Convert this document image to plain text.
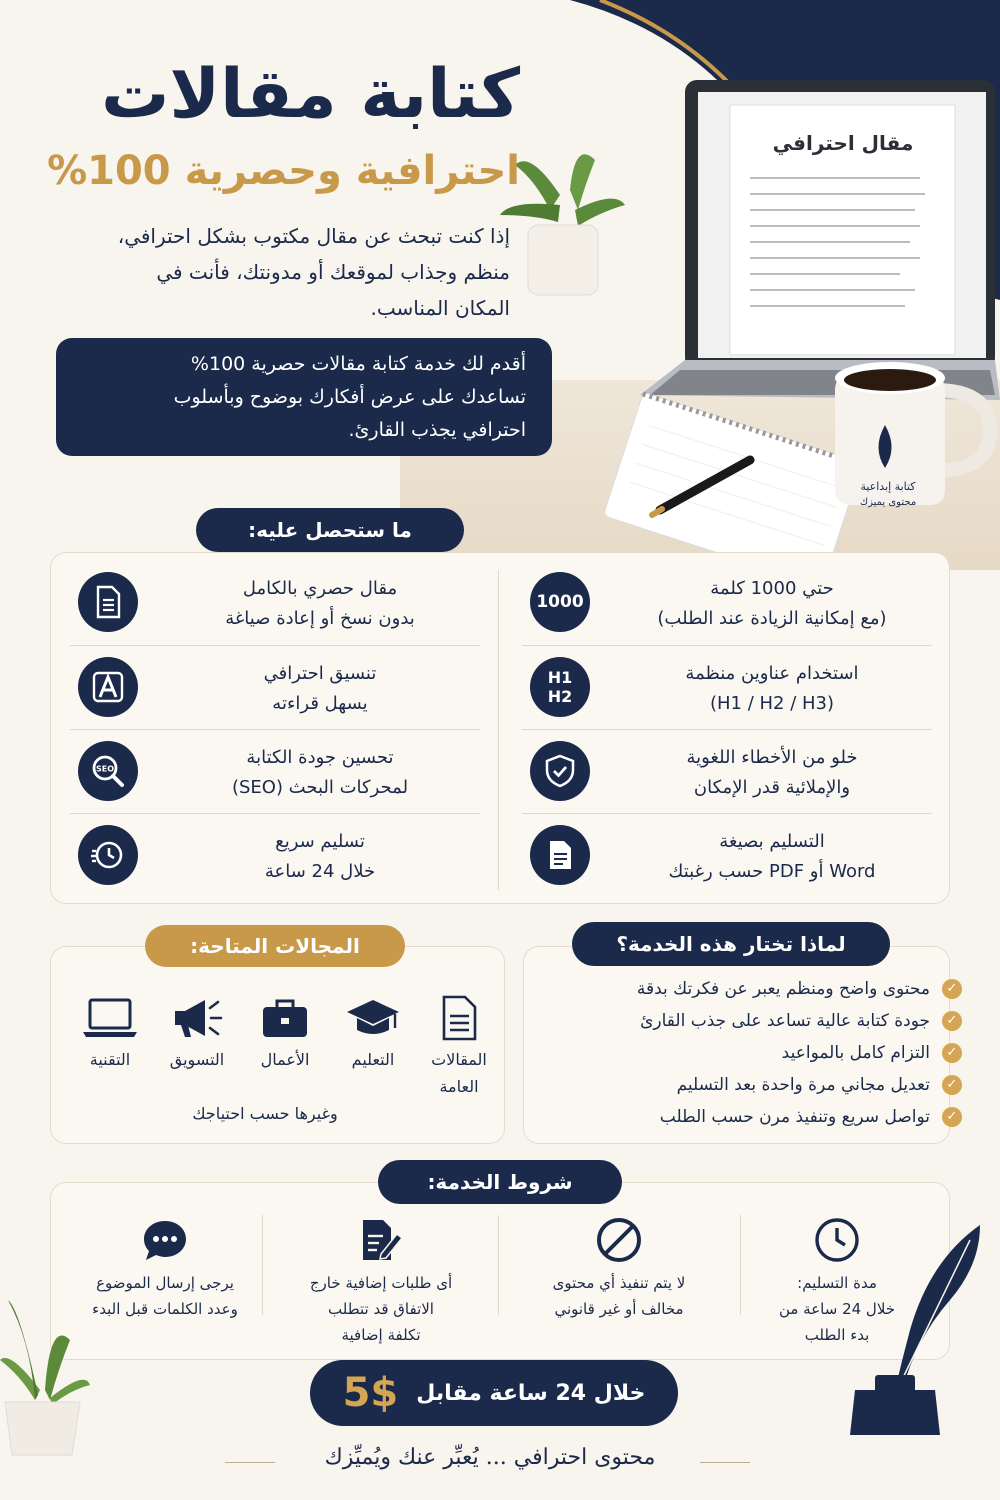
مقال احترافي
كتابة إبداعية
محتوى يميزك
كتابة مقالات
احترافية وحصرية 100%
إذا كنت تبحث عن مقال مكتوب بشكل احترافي،
منظم وجذاب لموقعك أو مدونتك، فأنت في
المكان المناسب.
أقدم لك خدمة كتابة مقالات حصرية 100%
تساعدك على عرض أفكارك بوضوح وبأسلوب
احترافي يجذب القارئ.
ما ستحصل عليه:
حتي 1000 كلمة
(مع إمكانية الزيادة عند الطلب)
1000
استخدام عناوين منظمة
(H1 / H2 / H3)
H1
H2
خلو من الأخطاء اللغوية
والإملائية قدر الإمكان
التسليم بصيغة
Word أو PDF حسب رغبتك
مقال حصري بالكامل
بدون نسخ أو إعادة صياغة
تنسيق احترافي
يسهل قراءته
تحسين جودة الكتابة
لمحركات البحث (SEO)
SEO
تسليم سريع
خلال 24 ساعة
لماذا تختار هذه الخدمة؟
✓
محتوى واضح ومنظم يعبر عن فكرتك بدقة
✓
جودة كتابة عالية تساعد على جذب القارئ
✓
التزام كامل بالمواعيد
✓
تعديل مجاني مرة واحدة بعد التسليم
✓
تواصل سريع وتنفيذ مرن حسب الطلب
المجالات المتاحة:
المقالات العامة
التعليم
الأعمال
التسويق
التقنية
وغيرها حسب احتياجك
شروط الخدمة:
مدة التسليم:
خلال 24 ساعة من
بدء الطلب
لا يتم تنفيذ أي محتوى
مخالف أو غير قانوني
أى طلبات إضافية خارج
الاتفاق قد تتطلب
تكلفة إضافية
يرجى إرسال الموضوع
وعدد الكلمات قبل البدء
خلال 24 ساعة مقابل
5$
محتوى احترافي ... يُعبِّر عنك ويُميِّزك
